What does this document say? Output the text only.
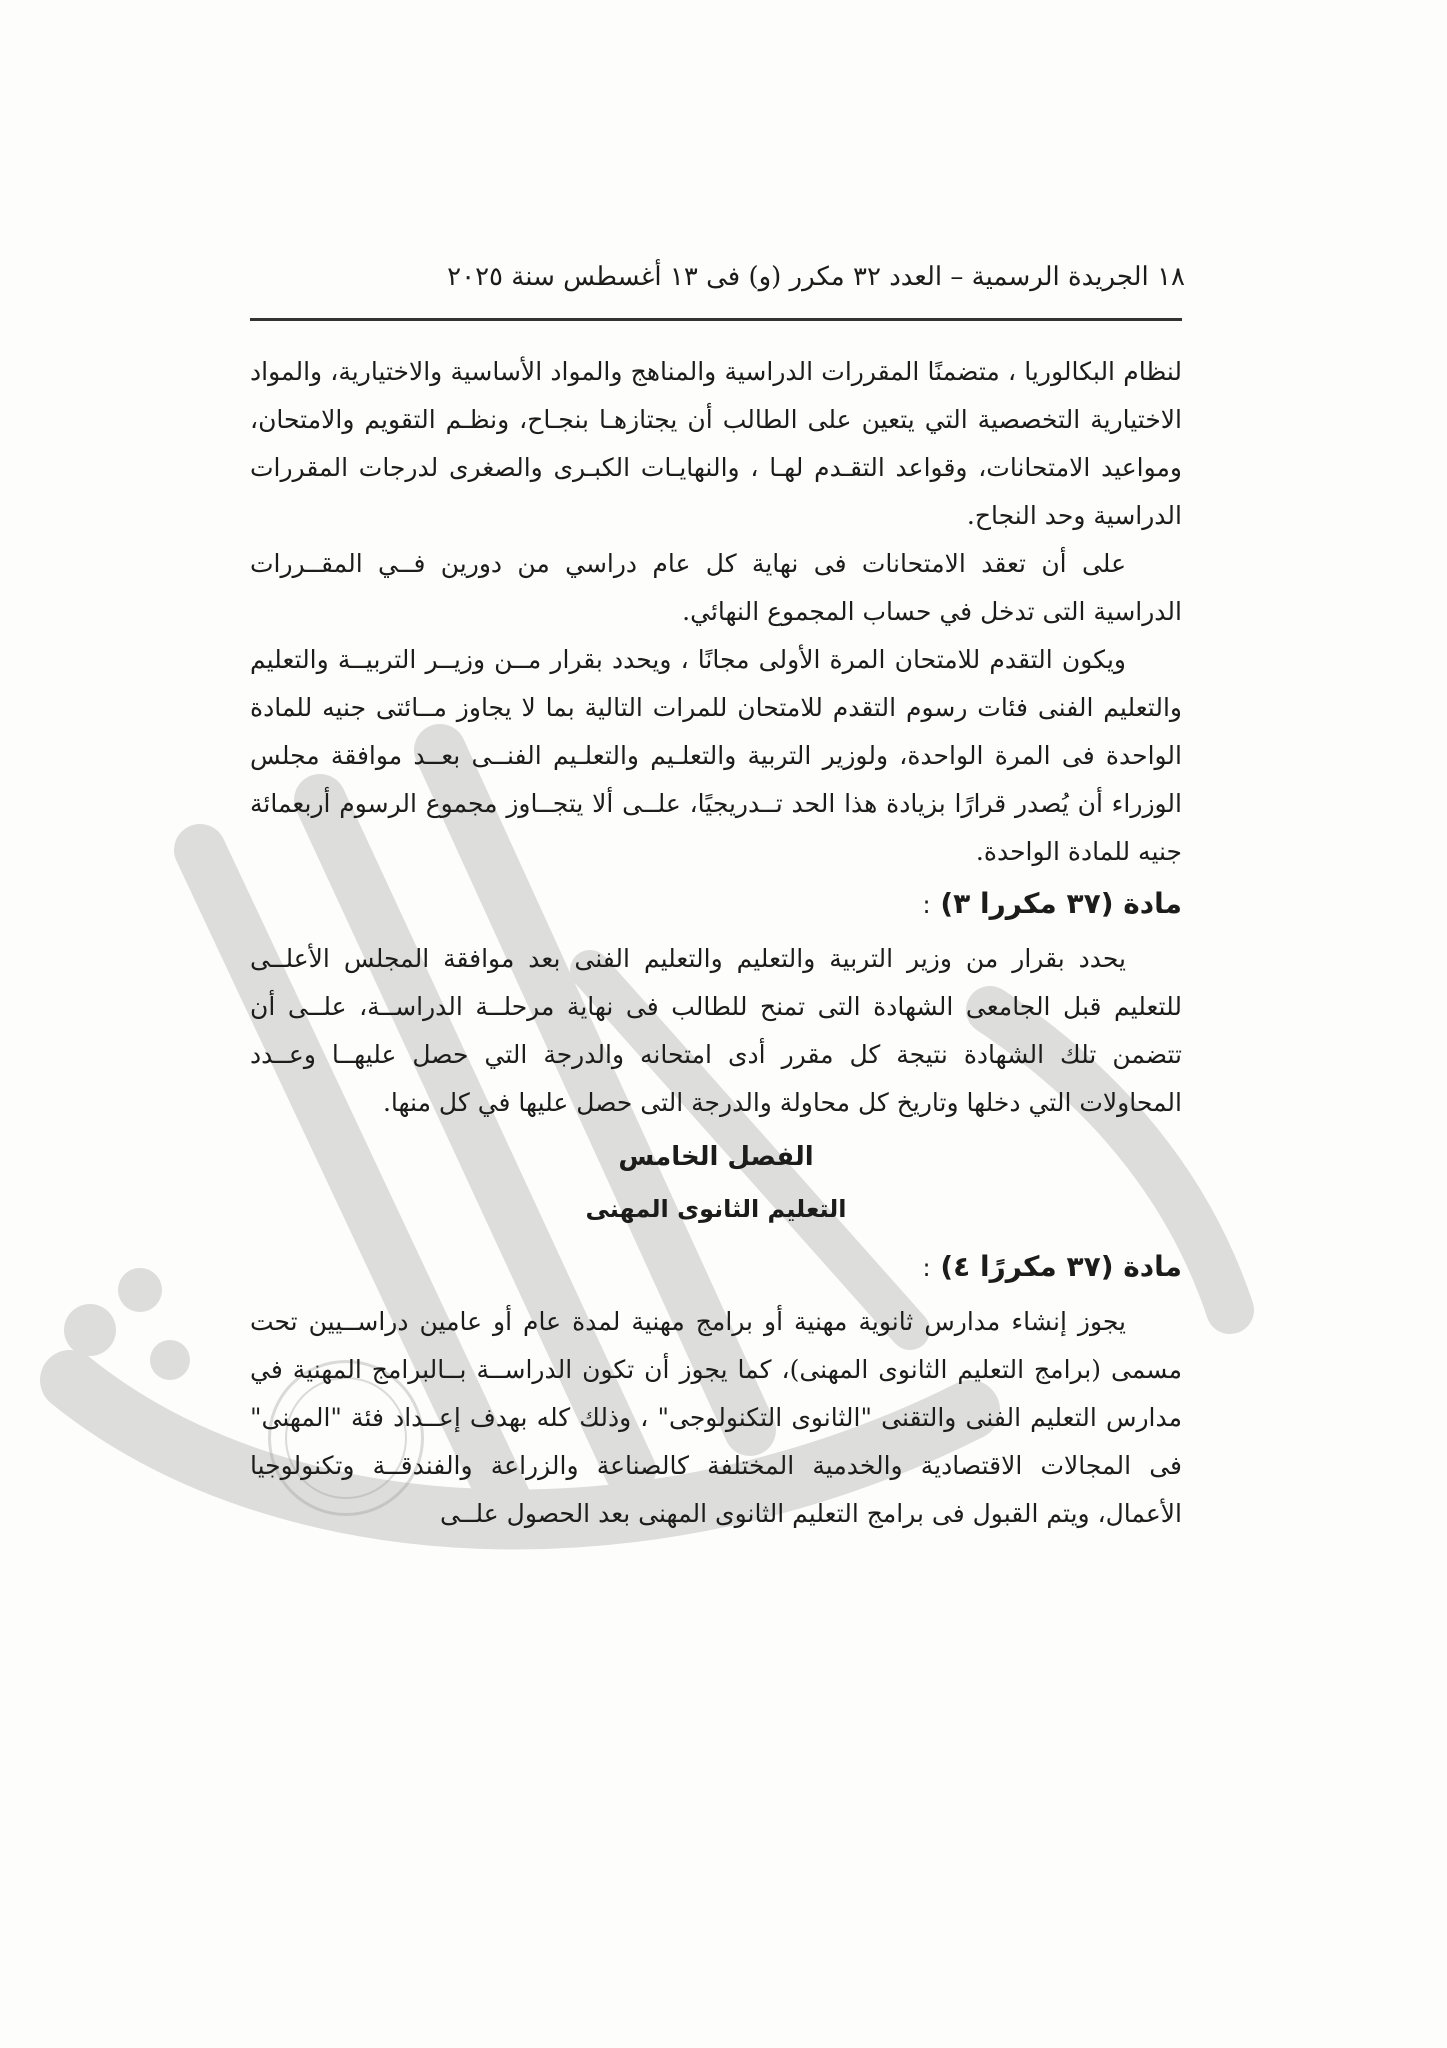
١٨ الجريدة الرسمية – العدد ٣٢ مكرر (و) فى ١٣ أغسطس سنة ٢٠٢٥

لنظام البكالوريا ، متضمنًا المقررات الدراسية والمناهج والمواد الأساسية والاختيارية، والمواد الاختيارية التخصصية التي يتعين على الطالب أن يجتازهـا بنجـاح، ونظـم التقويم والامتحان، ومواعيد الامتحانات، وقواعد التقـدم لهـا ، والنهايـات الكبـرى والصغرى لدرجات المقررات الدراسية وحد النجاح.

على أن تعقد الامتحانات فى نهاية كل عام دراسي من دورين فــي المقــررات الدراسية التى تدخل في حساب المجموع النهائي.

ويكون التقدم للامتحان المرة الأولى مجانًا ، ويحدد بقرار مــن وزيــر التربيــة والتعليم والتعليم الفنى فئات رسوم التقدم للامتحان للمرات التالية بما لا يجاوز مــائتى جنيه للمادة الواحدة فى المرة الواحدة، ولوزير التربية والتعلـيم والتعلـيم الفنــى بعــد موافقة مجلس الوزراء أن يُصدر قرارًا بزيادة هذا الحد تــدريجيًا، علــى ألا يتجــاوز مجموع الرسوم أربعمائة جنيه للمادة الواحدة.

مادة (٣٧ مكررا ٣) :

يحدد بقرار من وزير التربية والتعليم والتعليم الفنى بعد موافقة المجلس الأعلــى للتعليم قبل الجامعى الشهادة التى تمنح للطالب فى نهاية مرحلــة الدراســة، علــى أن تتضمن تلك الشهادة نتيجة كل مقرر أدى امتحانه والدرجة التي حصل عليهــا وعــدد المحاولات التي دخلها وتاريخ كل محاولة والدرجة التى حصل عليها في كل منها.

الفصل الخامس
التعليم الثانوى المهنى
مادة (٣٧ مكررًا ٤) :

يجوز إنشاء مدارس ثانوية مهنية أو برامج مهنية لمدة عام أو عامين دراســيين تحت مسمى (برامج التعليم الثانوى المهنى)، كما يجوز أن تكون الدراســة بــالبرامج المهنية في مدارس التعليم الفنى والتقنى "الثانوى التكنولوجى" ، وذلك كله بهدف إعــداد فئة "المهنى" فى المجالات الاقتصادية والخدمية المختلفة كالصناعة والزراعة والفندقــة وتكنولوجيا الأعمال، ويتم القبول فى برامج التعليم الثانوى المهنى بعد الحصول علــى
